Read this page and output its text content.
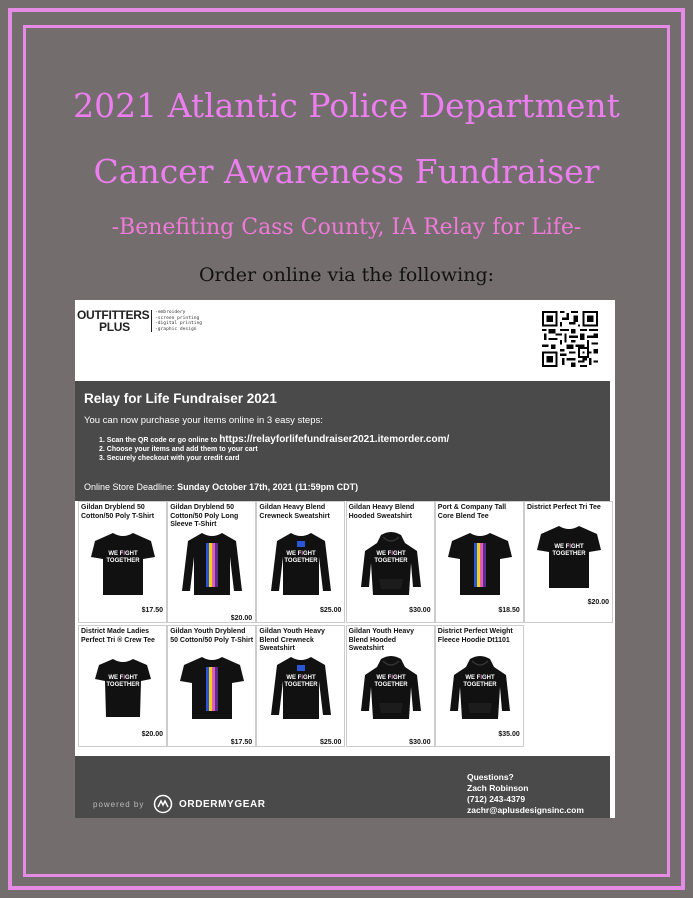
2021 Atlantic Police Department
Cancer Awareness Fundraiser
-Benefiting Cass County, IA Relay for Life-
Order online via the following:
OUTFITTERS
PLUS
-embroidery
-screen printing
-digital printing
-graphic design
Relay for Life Fundraiser 2021
You can now purchase your items online in 3 easy steps:
1. Scan the QR code or go online to https://relayforlifefundraiser2021.itemorder.com/
2. Choose your items and add them to your cart
3. Securely checkout with your credit card
Online Store Deadline: Sunday October 17th, 2021 (11:59pm CDT)
Gildan Dryblend 50 Cotton/50 Poly T-Shirt
WE FIGHT
TOGETHER
$17.50
Gildan Dryblend 50 Cotton/50 Poly Long Sleeve T-Shirt
$20.00
Gildan Heavy Blend Crewneck Sweatshirt
WE FIGHT
TOGETHER
$25.00
Gildan Heavy Blend Hooded Sweatshirt
WE FIGHT
TOGETHER
$30.00
Port & Company Tall Core Blend Tee
$18.50
District Perfect Tri Tee
WE FIGHT
TOGETHER
$20.00
District Made Ladies Perfect Tri ® Crew Tee
WE FIGHT
TOGETHER
$20.00
Gildan Youth Dryblend 50 Cotton/50 Poly T-Shirt
$17.50
Gildan Youth Heavy Blend Crewneck Sweatshirt
WE FIGHT
TOGETHER
$25.00
Gildan Youth Heavy Blend Hooded Sweatshirt
WE FIGHT
TOGETHER
$30.00
District Perfect Weight Fleece Hoodie Dt1101
WE FIGHT
TOGETHER
$35.00
powered by	ORDERMYGEAR
Questions?
Zach Robinson
(712) 243-4379
zachr@aplusdesignsinc.com
